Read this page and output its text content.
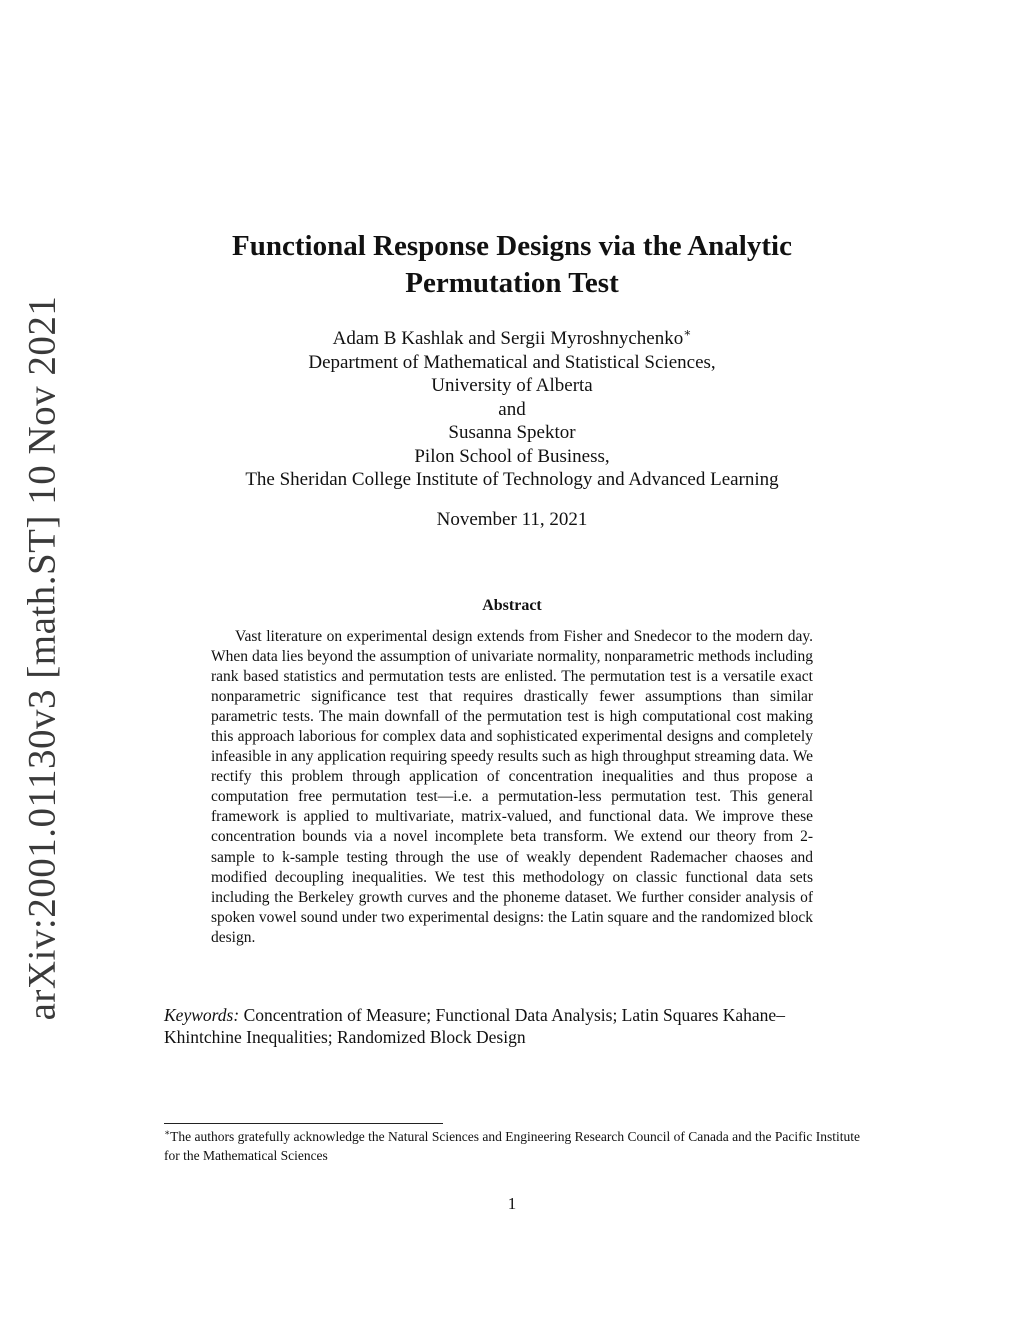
arXiv:2001.01130v3 [math.ST] 10 Nov 2021
Functional Response Designs via the Analytic
Permutation Test
Adam B Kashlak and Sergii Myroshnychenko∗
Department of Mathematical and Statistical Sciences,
University of Alberta
and
Susanna Spektor
Pilon School of Business,
The Sheridan College Institute of Technology and Advanced Learning
November 11, 2021
Abstract
Vast literature on experimental design extends from Fisher and Snedecor to the modern day. When data lies beyond the assumption of univariate normality, nonparametric methods including rank based statistics and permutation tests are enlisted. The permutation test is a versatile exact nonparametric significance test that requires drastically fewer assumptions than similar parametric tests. The main downfall of the permutation test is high computational cost making this approach laborious for complex data and sophisticated experimental designs and completely infeasible in any application requiring speedy results such as high throughput streaming data. We rectify this problem through application of concentration inequalities and thus propose a computation free permutation test—i.e. a permutation-less permutation test. This general framework is applied to multivariate, matrix-valued, and functional data. We improve these concentration bounds via a novel incomplete beta transform. We extend our theory from 2-sample to k-sample testing through the use of weakly dependent Rademacher chaoses and modified decoupling inequalities. We test this methodology on classic functional data sets including the Berkeley growth curves and the phoneme dataset. We further consider analysis of spoken vowel sound under two experimental designs: the Latin square and the randomized block design.
Keywords: Concentration of Measure; Functional Data Analysis; Latin Squares Kahane–Khintchine Inequalities; Randomized Block Design
∗The authors gratefully acknowledge the Natural Sciences and Engineering Research Council of Canada and the Pacific Institute for the Mathematical Sciences
1
